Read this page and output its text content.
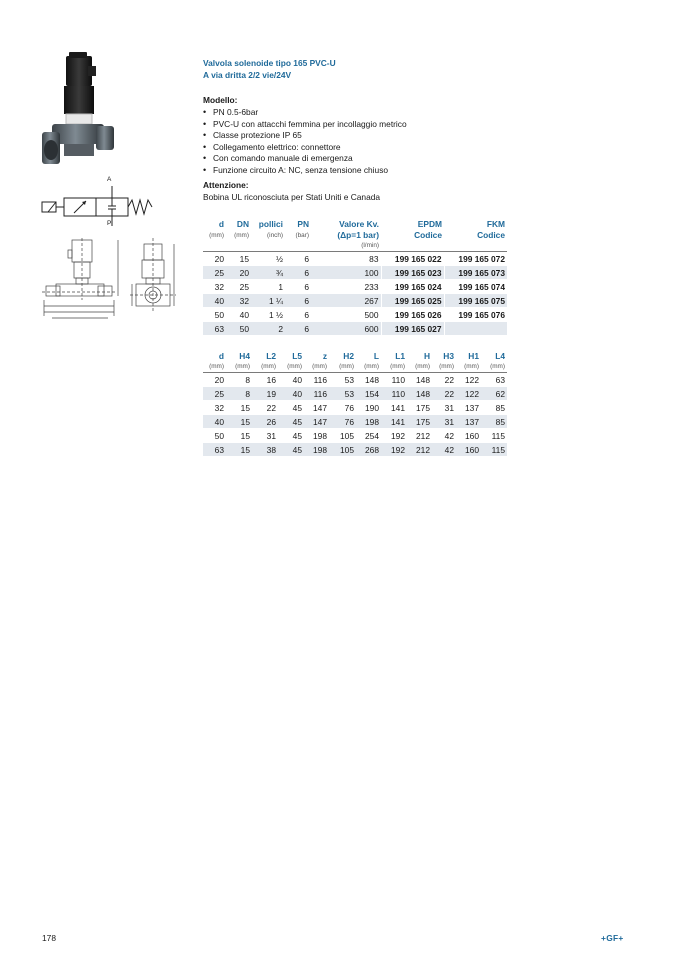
A
P
Valvola solenoide tipo 165 PVC-U
A via dritta 2/2 vie/24V
Modello:
• PN 0.5-6bar
• PVC-U con attacchi femmina per incollaggio metrico
• Classe protezione IP 65
• Collegamento elettrico: connettore
• Con comando manuale di emergenza
• Funzione circuito A: NC, senza tensione chiuso
Attenzione:
Bobina UL riconosciuta per Stati Uniti e Canada
d	DN	pollici	PN	Valore Kv.	EPDM	FKM
(mm)	(mm)	(inch)	(bar)	(Δp=1 bar)	Codice	Codice
				(l/min)		
20	15	½	6	83	199 165 022	199 165 072
25	20	¾	6	100	199 165 023	199 165 073
32	25	1	6	233	199 165 024	199 165 074
40	32	1 ¼	6	267	199 165 025	199 165 075
50	40	1 ½	6	500	199 165 026	199 165 076
63	50	2	6	600	199 165 027	
d	H4	L2	L5	z	H2	L	L1	H	H3	H1	L4
(mm)	(mm)	(mm)	(mm)	(mm)	(mm)	(mm)	(mm)	(mm)	(mm)	(mm)	(mm)
20	8	16	40	116	53	148	110	148	22	122	63
25	8	19	40	116	53	154	110	148	22	122	62
32	15	22	45	147	76	190	141	175	31	137	85
40	15	26	45	147	76	198	141	175	31	137	85
50	15	31	45	198	105	254	192	212	42	160	115
63	15	38	45	198	105	268	192	212	42	160	115
178	+GF+
